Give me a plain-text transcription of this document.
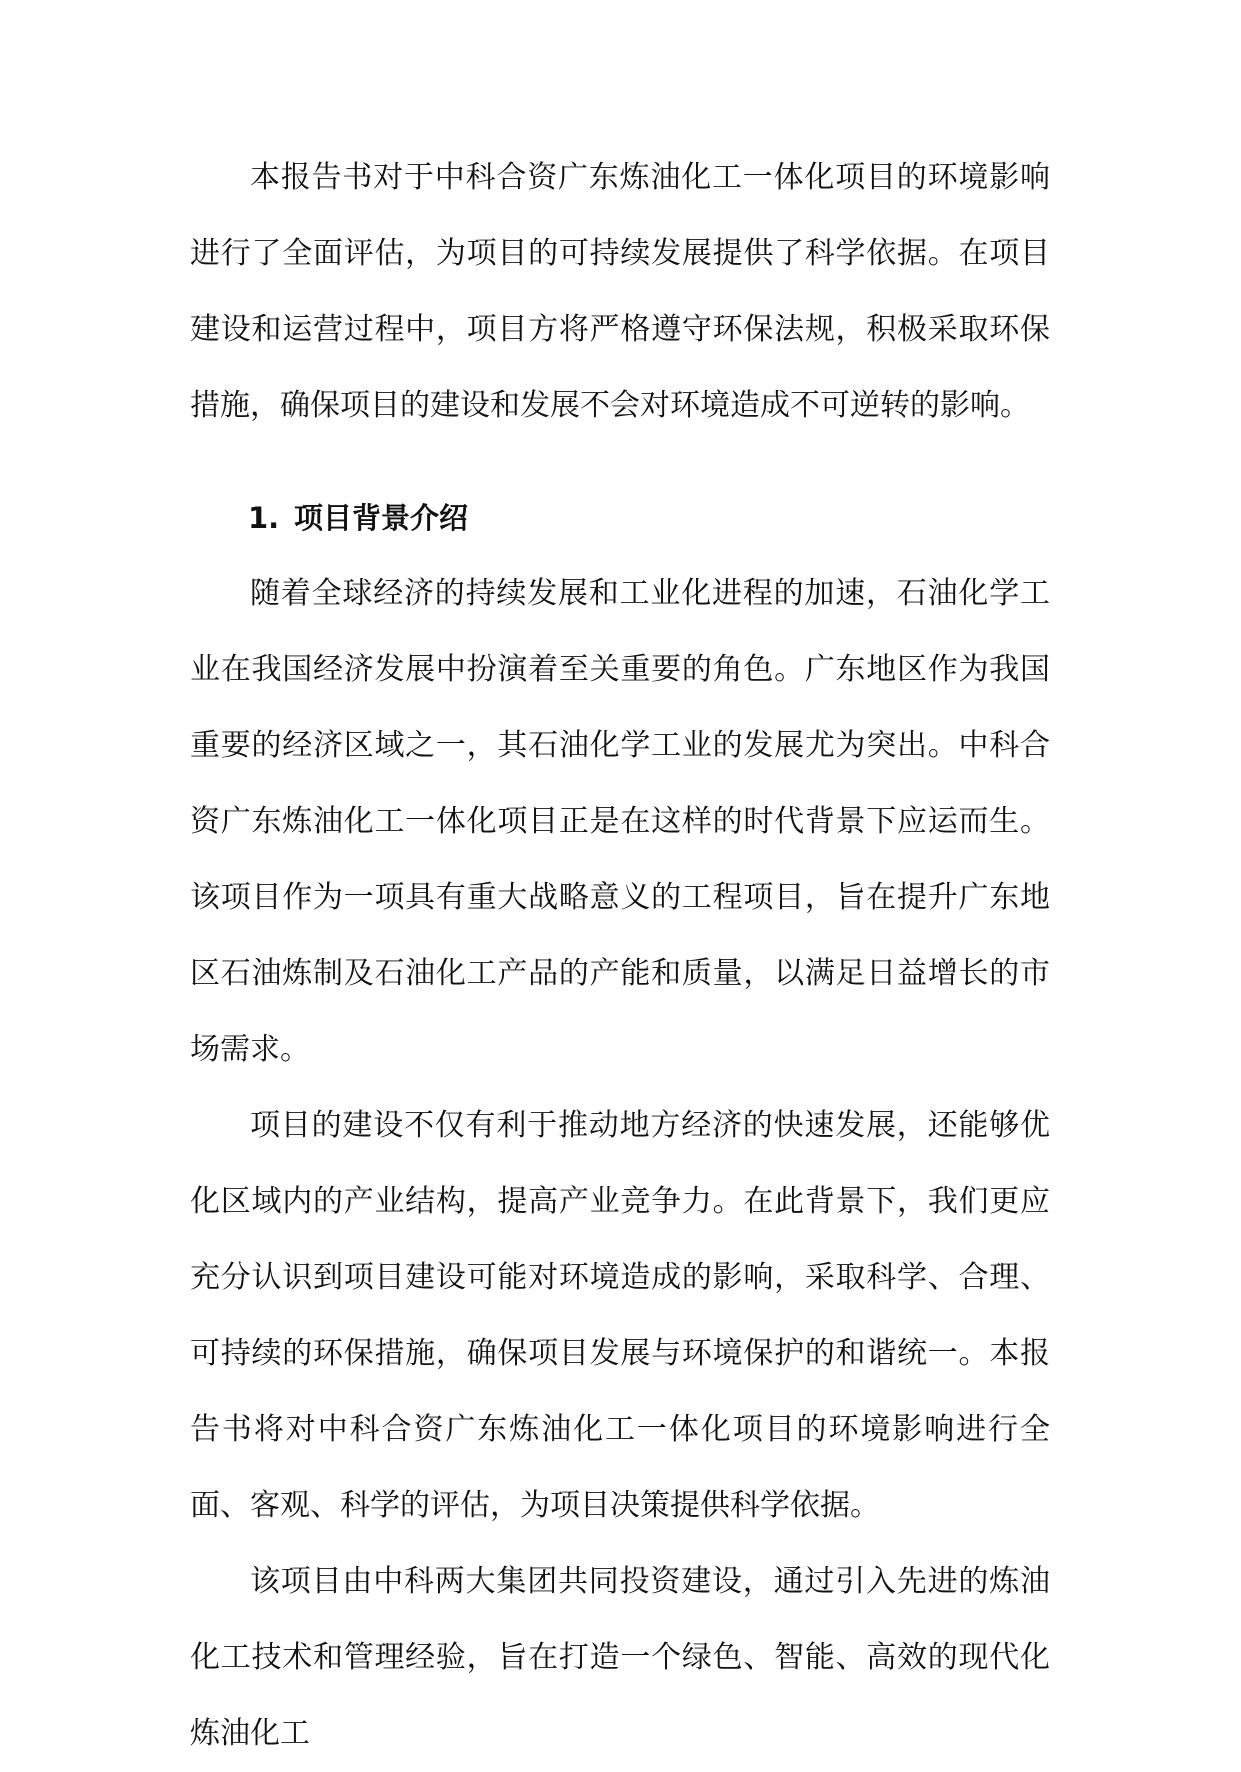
本报告书对于中科合资广东炼油化工一体化项目的环境影响进行了全面评估，为项目的可持续发展提供了科学依据。在项目建设和运营过程中，项目方将严格遵守环保法规，积极采取环保措施，确保项目的建设和发展不会对环境造成不可逆转的影响。

1. 项目背景介绍

随着全球经济的持续发展和工业化进程的加速，石油化学工业在我国经济发展中扮演着至关重要的角色。广东地区作为我国重要的经济区域之一，其石油化学工业的发展尤为突出。中科合资广东炼油化工一体化项目正是在这样的时代背景下应运而生。该项目作为一项具有重大战略意义的工程项目，旨在提升广东地区石油炼制及石油化工产品的产能和质量，以满足日益增长的市场需求。

项目的建设不仅有利于推动地方经济的快速发展，还能够优化区域内的产业结构，提高产业竞争力。在此背景下，我们更应充分认识到项目建设可能对环境造成的影响，采取科学、合理、可持续的环保措施，确保项目发展与环境保护的和谐统一。本报告书将对中科合资广东炼油化工一体化项目的环境影响进行全面、客观、科学的评估，为项目决策提供科学依据。

该项目由中科两大集团共同投资建设，通过引入先进的炼油化工技术和管理经验，旨在打造一个绿色、智能、高效的现代化炼油化工
